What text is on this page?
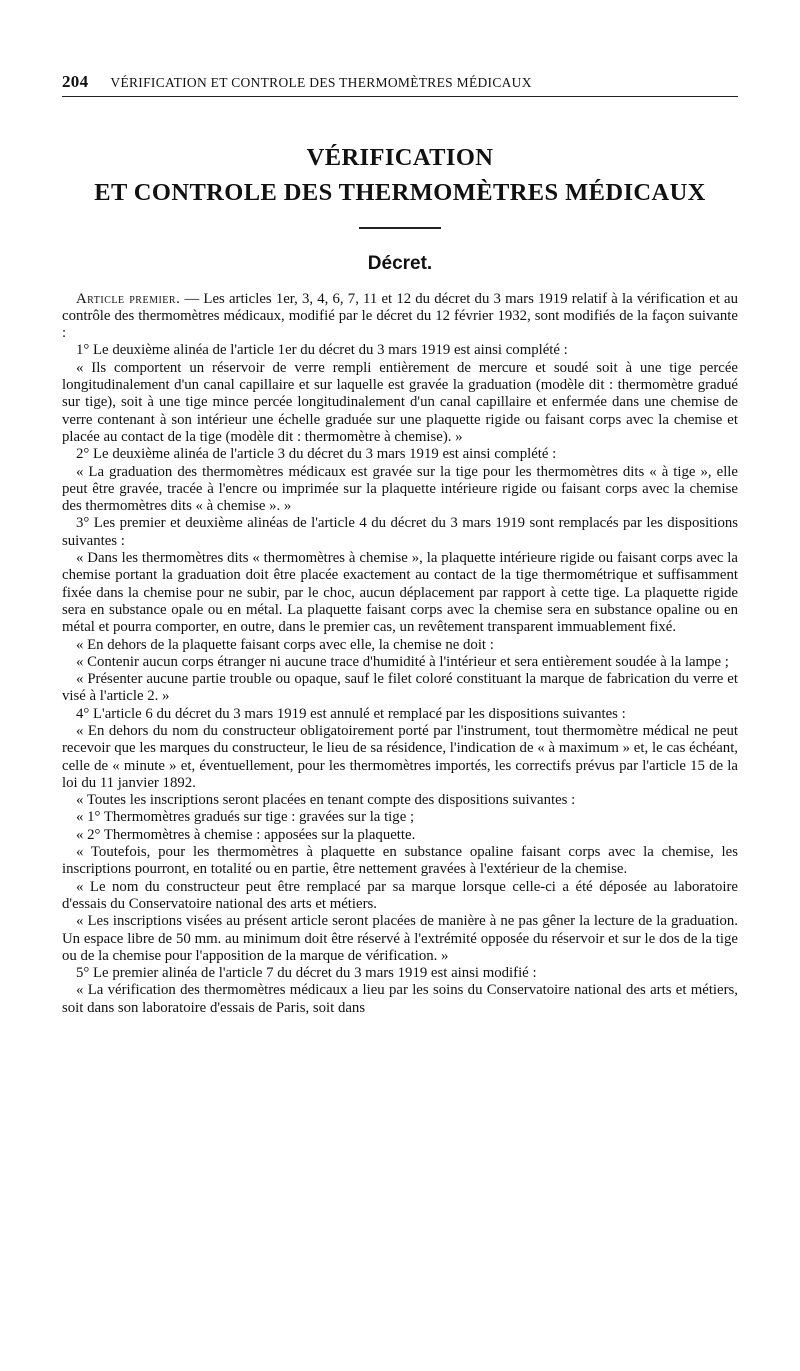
204 VÉRIFICATION ET CONTROLE DES THERMOMÈTRES MÉDICAUX
VÉRIFICATION
ET CONTROLE DES THERMOMÈTRES MÉDICAUX
Décret.

Article premier. — Les articles 1er, 3, 4, 6, 7, 11 et 12 du décret du 3 mars 1919 relatif à la vérification et au contrôle des thermomètres médicaux, modifié par le décret du 12 février 1932, sont modifiés de la façon suivante :

1° Le deuxième alinéa de l'article 1er du décret du 3 mars 1919 est ainsi complété :

« Ils comportent un réservoir de verre rempli entièrement de mercure et soudé soit à une tige percée longitudinalement d'un canal capillaire et sur laquelle est gravée la graduation (modèle dit : thermomètre gradué sur tige), soit à une tige mince percée longitudinalement d'un canal capillaire et enfermée dans une chemise de verre contenant à son intérieur une échelle graduée sur une plaquette rigide ou faisant corps avec la chemise et placée au contact de la tige (modèle dit : thermomètre à chemise). »

2° Le deuxième alinéa de l'article 3 du décret du 3 mars 1919 est ainsi complété :

« La graduation des thermomètres médicaux est gravée sur la tige pour les thermomètres dits « à tige », elle peut être gravée, tracée à l'encre ou imprimée sur la plaquette intérieure rigide ou faisant corps avec la chemise des thermomètres dits « à chemise ». »

3° Les premier et deuxième alinéas de l'article 4 du décret du 3 mars 1919 sont remplacés par les dispositions suivantes :

« Dans les thermomètres dits « thermomètres à chemise », la plaquette intérieure rigide ou faisant corps avec la chemise portant la graduation doit être placée exactement au contact de la tige thermométrique et suffisamment fixée dans la chemise pour ne subir, par le choc, aucun déplacement par rapport à cette tige. La plaquette rigide sera en substance opale ou en métal. La plaquette faisant corps avec la chemise sera en substance opaline ou en métal et pourra comporter, en outre, dans le premier cas, un revêtement transparent immuablement fixé.

« En dehors de la plaquette faisant corps avec elle, la chemise ne doit :

« Contenir aucun corps étranger ni aucune trace d'humidité à l'intérieur et sera entièrement soudée à la lampe ;

« Présenter aucune partie trouble ou opaque, sauf le filet coloré constituant la marque de fabrication du verre et visé à l'article 2. »

4° L'article 6 du décret du 3 mars 1919 est annulé et remplacé par les dispositions suivantes :

« En dehors du nom du constructeur obligatoirement porté par l'instrument, tout thermomètre médical ne peut recevoir que les marques du constructeur, le lieu de sa résidence, l'indication de « à maximum » et, le cas échéant, celle de « minute » et, éventuellement, pour les thermomètres importés, les correctifs prévus par l'article 15 de la loi du 11 janvier 1892.

« Toutes les inscriptions seront placées en tenant compte des dispositions suivantes :

« 1° Thermomètres gradués sur tige : gravées sur la tige ;

« 2° Thermomètres à chemise : apposées sur la plaquette.

« Toutefois, pour les thermomètres à plaquette en substance opaline faisant corps avec la chemise, les inscriptions pourront, en totalité ou en partie, être nettement gravées à l'extérieur de la chemise.

« Le nom du constructeur peut être remplacé par sa marque lorsque celle-ci a été déposée au laboratoire d'essais du Conservatoire national des arts et métiers.

« Les inscriptions visées au présent article seront placées de manière à ne pas gêner la lecture de la graduation. Un espace libre de 50 mm. au minimum doit être réservé à l'extrémité opposée du réservoir et sur le dos de la tige ou de la chemise pour l'apposition de la marque de vérification. »

5° Le premier alinéa de l'article 7 du décret du 3 mars 1919 est ainsi modifié :

« La vérification des thermomètres médicaux a lieu par les soins du Conservatoire national des arts et métiers, soit dans son laboratoire d'essais de Paris, soit dans
